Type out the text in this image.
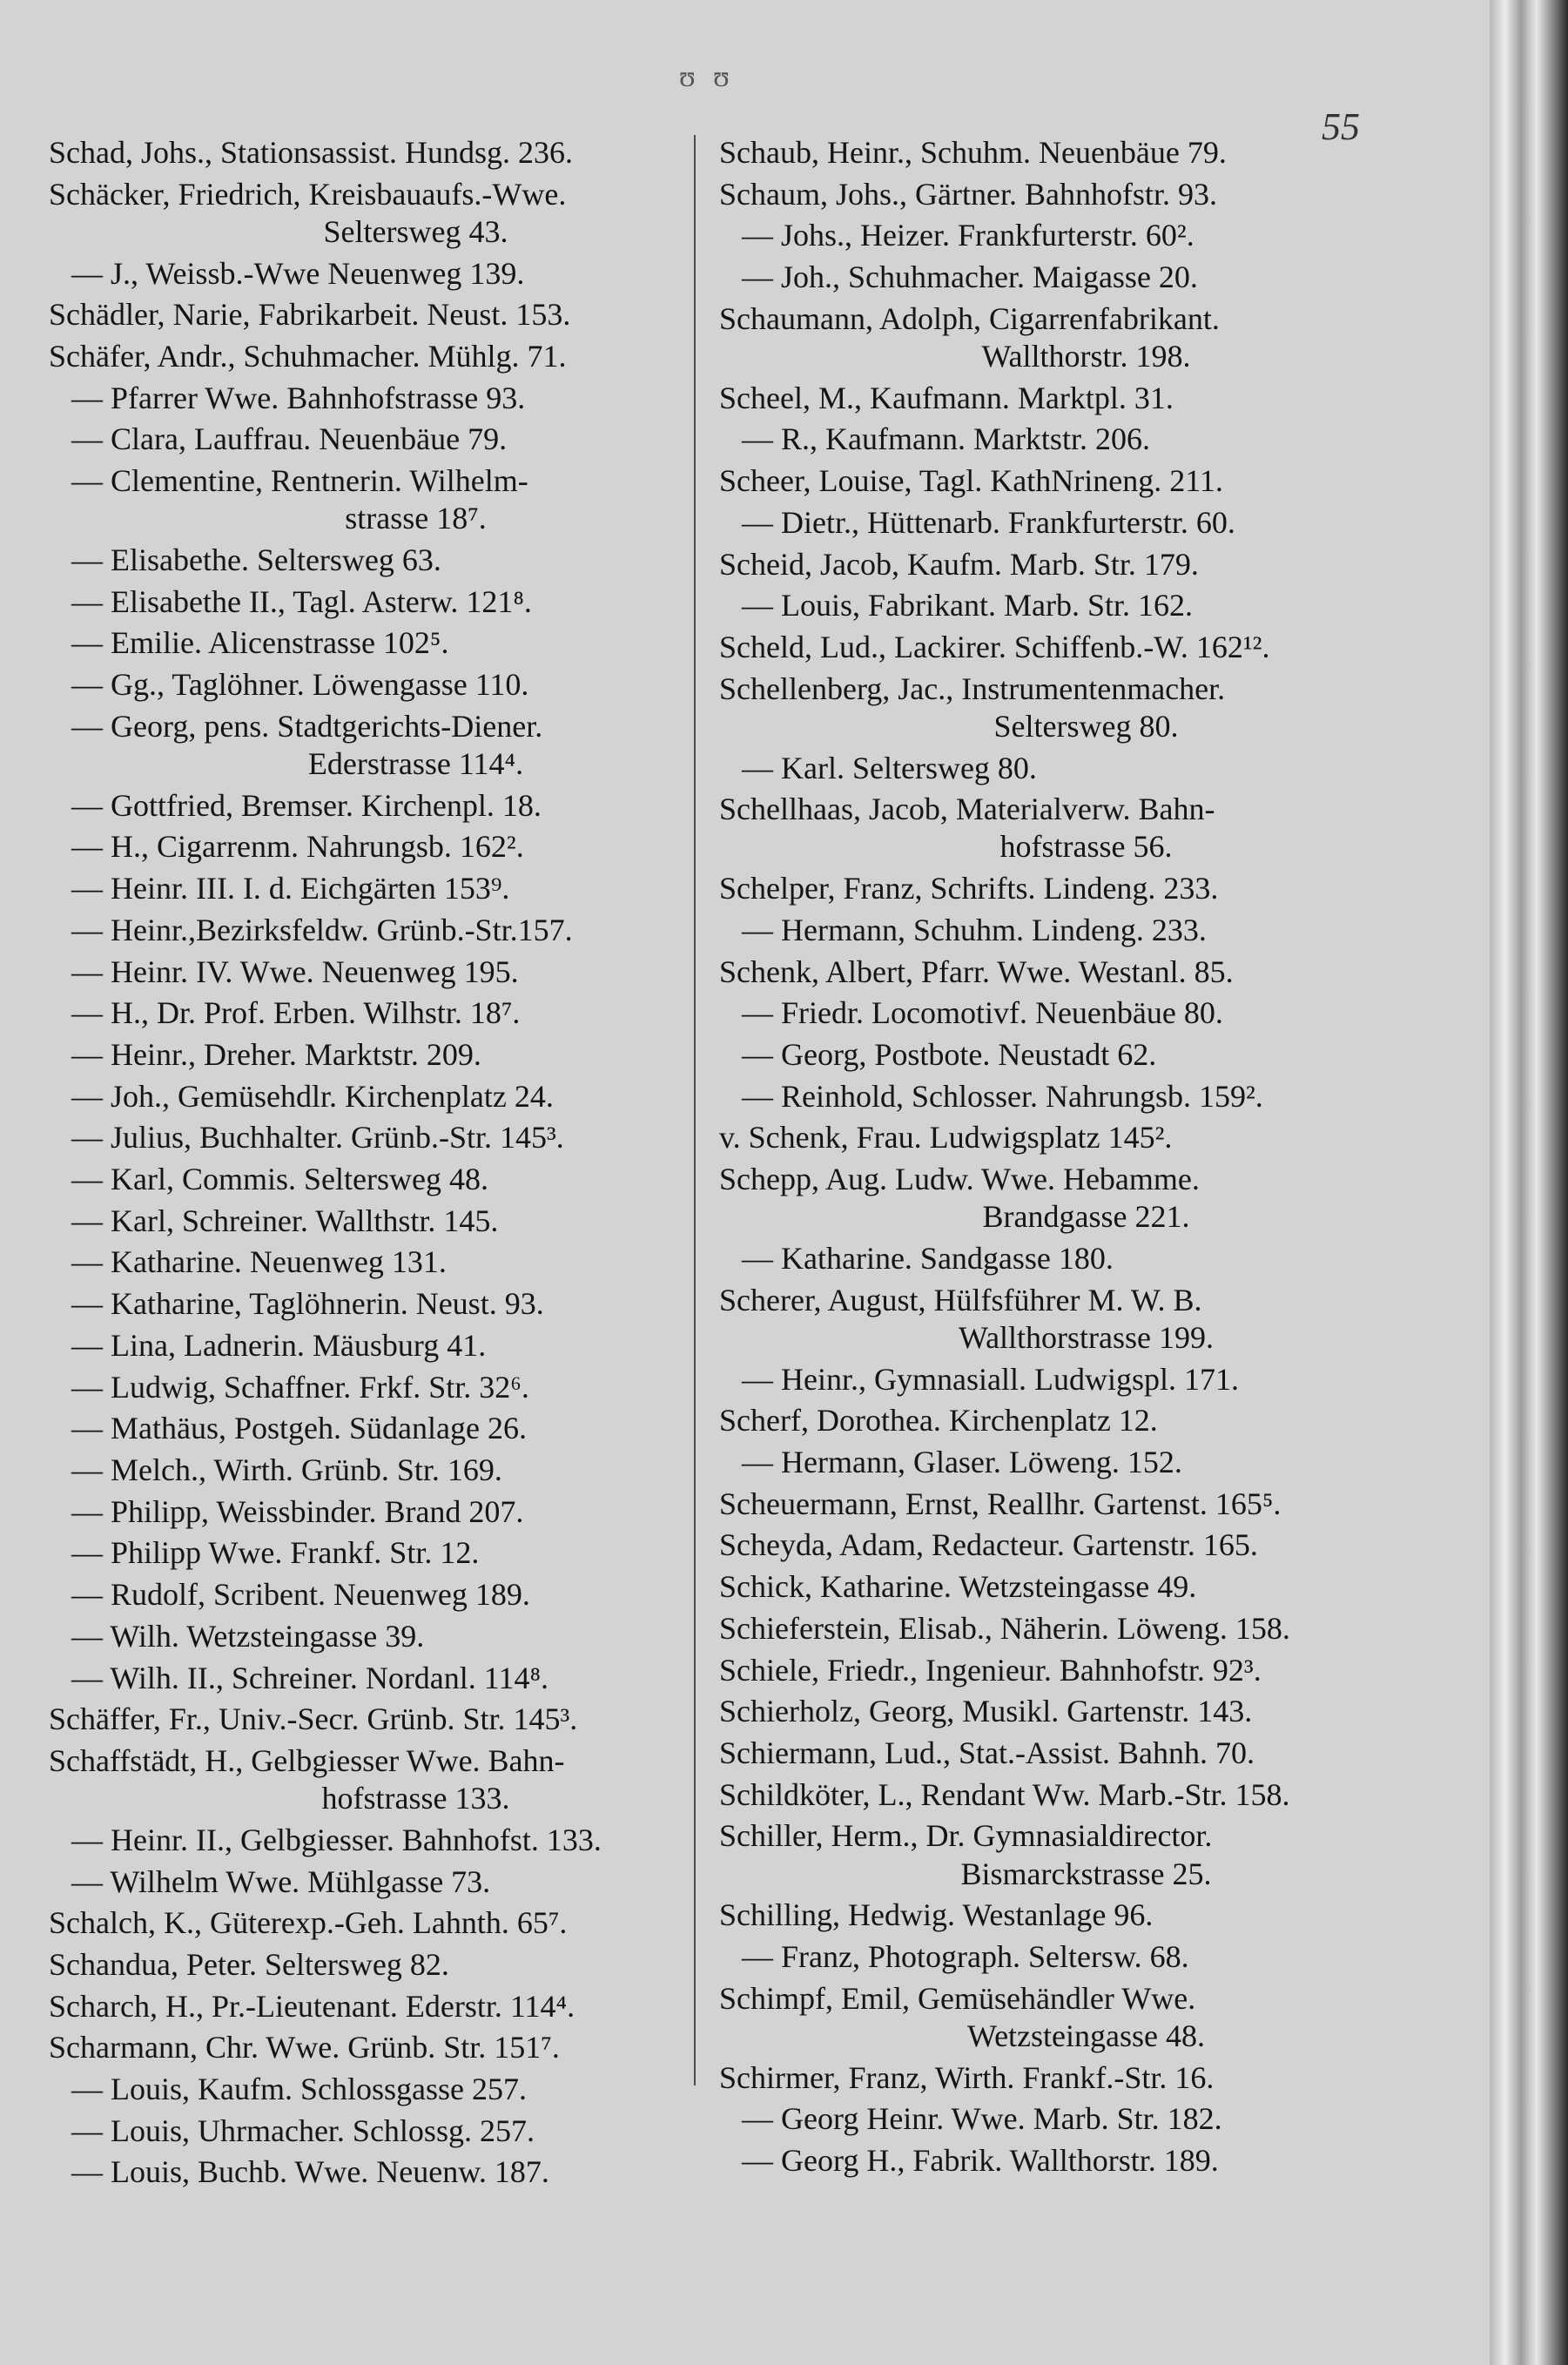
ʊ ʊ
55
Schad, Johs., Stationsassist. Hundsg. 236.
Schäcker, Friedrich, Kreisbauaufs.-Wwe.
Seltersweg 43.
— J., Weissb.-Wwe Neuenweg 139.
Schädler, Narie, Fabrikarbeit. Neust. 153.
Schäfer, Andr., Schuhmacher. Mühlg. 71.
— Pfarrer Wwe. Bahnhofstrasse 93.
— Clara, Lauffrau. Neuenbäue 79.
— Clementine, Rentnerin. Wilhelm-
strasse 18⁷.
— Elisabethe. Seltersweg 63.
— Elisabethe II., Tagl. Asterw. 121⁸.
— Emilie. Alicenstrasse 102⁵.
— Gg., Taglöhner. Löwengasse 110.
— Georg, pens. Stadtgerichts-Diener.
Ederstrasse 114⁴.
— Gottfried, Bremser. Kirchenpl. 18.
— H., Cigarrenm. Nahrungsb. 162².
— Heinr. III. I. d. Eichgärten 153⁹.
— Heinr.,Bezirksfeldw. Grünb.-Str.157.
— Heinr. IV. Wwe. Neuenweg 195.
— H., Dr. Prof. Erben. Wilhstr. 18⁷.
— Heinr., Dreher. Marktstr. 209.
— Joh., Gemüsehdlr. Kirchenplatz 24.
— Julius, Buchhalter. Grünb.-Str. 145³.
— Karl, Commis. Seltersweg 48.
— Karl, Schreiner. Wallthstr. 145.
— Katharine. Neuenweg 131.
— Katharine, Taglöhnerin. Neust. 93.
— Lina, Ladnerin. Mäusburg 41.
— Ludwig, Schaffner. Frkf. Str. 32⁶.
— Mathäus, Postgeh. Südanlage 26.
— Melch., Wirth. Grünb. Str. 169.
— Philipp, Weissbinder. Brand 207.
— Philipp Wwe. Frankf. Str. 12.
— Rudolf, Scribent. Neuenweg 189.
— Wilh. Wetzsteingasse 39.
— Wilh. II., Schreiner. Nordanl. 114⁸.
Schäffer, Fr., Univ.-Secr. Grünb. Str. 145³.
Schaffstädt, H., Gelbgiesser Wwe. Bahn-
hofstrasse 133.
— Heinr. II., Gelbgiesser. Bahnhofst. 133.
— Wilhelm Wwe. Mühlgasse 73.
Schalch, K., Güterexp.-Geh. Lahnth. 65⁷.
Schandua, Peter. Seltersweg 82.
Scharch, H., Pr.-Lieutenant. Ederstr. 114⁴.
Scharmann, Chr. Wwe. Grünb. Str. 151⁷.
— Louis, Kaufm. Schlossgasse 257.
— Louis, Uhrmacher. Schlossg. 257.
— Louis, Buchb. Wwe. Neuenw. 187.
Schaub, Heinr., Schuhm. Neuenbäue 79.
Schaum, Johs., Gärtner. Bahnhofstr. 93.
— Johs., Heizer. Frankfurterstr. 60².
— Joh., Schuhmacher. Maigasse 20.
Schaumann, Adolph, Cigarrenfabrikant.
Wallthorstr. 198.
Scheel, M., Kaufmann. Marktpl. 31.
— R., Kaufmann. Marktstr. 206.
Scheer, Louise, Tagl. KathNrineng. 211.
— Dietr., Hüttenarb. Frankfurterstr. 60.
Scheid, Jacob, Kaufm. Marb. Str. 179.
— Louis, Fabrikant. Marb. Str. 162.
Scheld, Lud., Lackirer. Schiffenb.-W. 162¹².
Schellenberg, Jac., Instrumentenmacher.
Seltersweg 80.
— Karl. Seltersweg 80.
Schellhaas, Jacob, Materialverw. Bahn-
hofstrasse 56.
Schelper, Franz, Schrifts. Lindeng. 233.
— Hermann, Schuhm. Lindeng. 233.
Schenk, Albert, Pfarr. Wwe. Westanl. 85.
— Friedr. Locomotivf. Neuenbäue 80.
— Georg, Postbote. Neustadt 62.
— Reinhold, Schlosser. Nahrungsb. 159².
v. Schenk, Frau. Ludwigsplatz 145².
Schepp, Aug. Ludw. Wwe. Hebamme.
Brandgasse 221.
— Katharine. Sandgasse 180.
Scherer, August, Hülfsführer M. W. B.
Wallthorstrasse 199.
— Heinr., Gymnasiall. Ludwigspl. 171.
Scherf, Dorothea. Kirchenplatz 12.
— Hermann, Glaser. Löweng. 152.
Scheuermann, Ernst, Reallhr. Gartenst. 165⁵.
Scheyda, Adam, Redacteur. Gartenstr. 165.
Schick, Katharine. Wetzsteingasse 49.
Schieferstein, Elisab., Näherin. Löweng. 158.
Schiele, Friedr., Ingenieur. Bahnhofstr. 92³.
Schierholz, Georg, Musikl. Gartenstr. 143.
Schiermann, Lud., Stat.-Assist. Bahnh. 70.
Schildköter, L., Rendant Ww. Marb.-Str. 158.
Schiller, Herm., Dr. Gymnasialdirector.
Bismarckstrasse 25.
Schilling, Hedwig. Westanlage 96.
— Franz, Photograph. Seltersw. 68.
Schimpf, Emil, Gemüsehändler Wwe.
Wetzsteingasse 48.
Schirmer, Franz, Wirth. Frankf.-Str. 16.
— Georg Heinr. Wwe. Marb. Str. 182.
— Georg H., Fabrik. Wallthorstr. 189.
